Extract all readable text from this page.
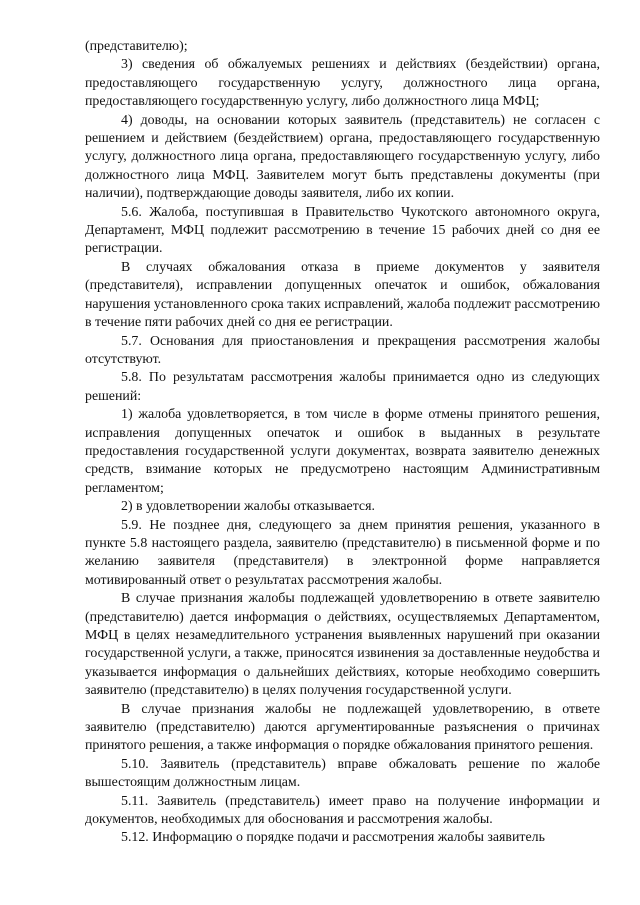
(представителю);

3) сведения об обжалуемых решениях и действиях (бездействии) органа, предоставляющего государственную услугу, должностного лица органа, предоставляющего государственную услугу, либо должностного лица МФЦ;

4) доводы, на основании которых заявитель (представитель) не согласен с решением и действием (бездействием) органа, предоставляющего государственную услугу, должностного лица органа, предоставляющего государственную услугу, либо должностного лица МФЦ. Заявителем могут быть представлены документы (при наличии), подтверждающие доводы заявителя, либо их копии.

5.6. Жалоба, поступившая в Правительство Чукотского автономного округа, Департамент, МФЦ подлежит рассмотрению в течение 15 рабочих дней со дня ее регистрации.

В случаях обжалования отказа в приеме документов у заявителя (представителя), исправлении допущенных опечаток и ошибок, обжалования нарушения установленного срока таких исправлений, жалоба подлежит рассмотрению в течение пяти рабочих дней со дня ее регистрации.

5.7. Основания для приостановления и прекращения рассмотрения жалобы отсутствуют.

5.8. По результатам рассмотрения жалобы принимается одно из следующих решений:

1) жалоба удовлетворяется, в том числе в форме отмены принятого решения, исправления допущенных опечаток и ошибок в выданных в результате предоставления государственной услуги документах, возврата заявителю денежных средств, взимание которых не предусмотрено настоящим Административным регламентом;

2) в удовлетворении жалобы отказывается.

5.9. Не позднее дня, следующего за днем принятия решения, указанного в пункте 5.8 настоящего раздела, заявителю (представителю) в письменной форме и по желанию заявителя (представителя) в электронной форме направляется мотивированный ответ о результатах рассмотрения жалобы.

В случае признания жалобы подлежащей удовлетворению в ответе заявителю (представителю) дается информация о действиях, осуществляемых Департаментом, МФЦ в целях незамедлительного устранения выявленных нарушений при оказании государственной услуги, а также, приносятся извинения за доставленные неудобства и указывается информация о дальнейших действиях, которые необходимо совершить заявителю (представителю) в целях получения государственной услуги.

В случае признания жалобы не подлежащей удовлетворению, в ответе заявителю (представителю) даются аргументированные разъяснения о причинах принятого решения, а также информация о порядке обжалования принятого решения.

5.10. Заявитель (представитель) вправе обжаловать решение по жалобе вышестоящим должностным лицам.

5.11. Заявитель (представитель) имеет право на получение информации и документов, необходимых для обоснования и рассмотрения жалобы.

5.12. Информацию о порядке подачи и рассмотрения жалобы заявитель
